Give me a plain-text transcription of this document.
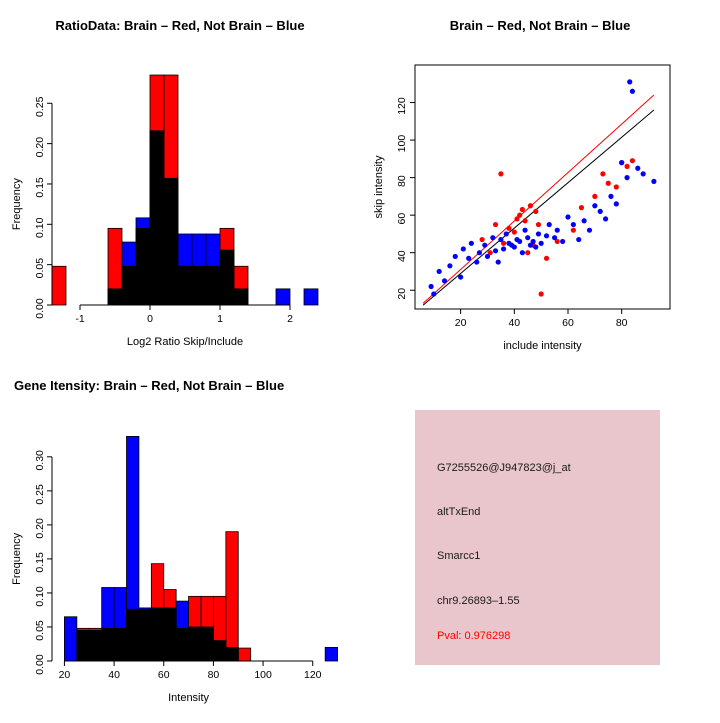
RatioData: Brain – Red, Not Brain – Blue
0.00
0.05
0.10
0.15
0.20
0.25
-1	0	1	2
Log2 Ratio Skip/Include
Frequency
Brain – Red, Not Brain – Blue
20	40	60	80
20
40
60
80
100
120
include intensity
skip intensity
Gene Itensity: Brain – Red, Not Brain – Blue
0.00
0.05
0.10
0.15
0.20
0.25
0.30
20	40	60	80	100	120
Intensity
Frequency
G7255526@J947823@j_at
altTxEnd
Smarcc1
chr9.26893–1.55
Pval: 0.976298
